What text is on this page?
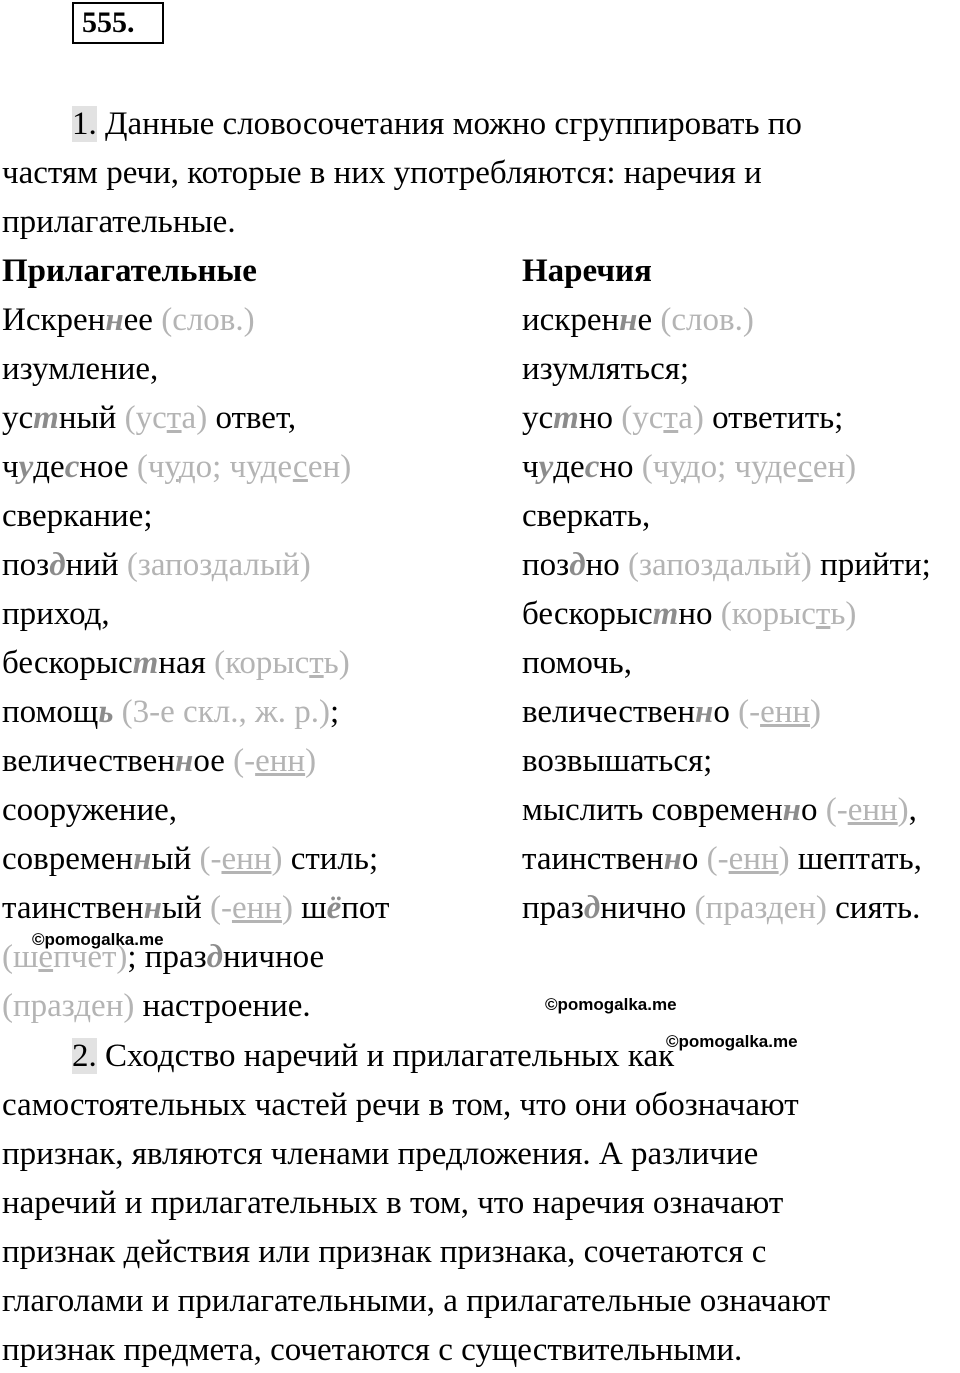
555.
1. Данные словосочетания можно сгруппировать по
частям речи, которые в них употребляются: наречия и
прилагательные.
Прилагательные	Наречия
Искреннее (слов.)
изумление,
устный (уста) ответ,
чудесное (чудо; чудесен)
сверкание;
поздний (запоздалый)
приход,
бескорыстная (корысть)
помощь (3-е скл., ж. р.);
величественное (-енн)
сооружение,
современный (-енн) стиль;
таинственный (-енн) шёпот
(шепчет); праздничное
(празден) настроение.
искренне (слов.)
изумляться;
устно (уста) ответить;
чудесно (чудо; чудесен)
сверкать,
поздно (запоздалый) прийти;
бескорыстно (корысть)
помочь,
величественно (-енн)
возвышаться;
мыслить современно (-енн),
таинственно (-енн) шептать,
празднично (празден) сиять.
2. Сходство наречий и прилагательных как
самостоятельных частей речи в том, что они обозначают
признак, являются членами предложения. А различие
наречий и прилагательных в том, что наречия означают
признак действия или признак признака, сочетаются с
глаголами и прилагательными, а прилагательные означают
признак предмета, сочетаются с существительными.
©pomogalka.me
©pomogalka.me
©pomogalka.me
